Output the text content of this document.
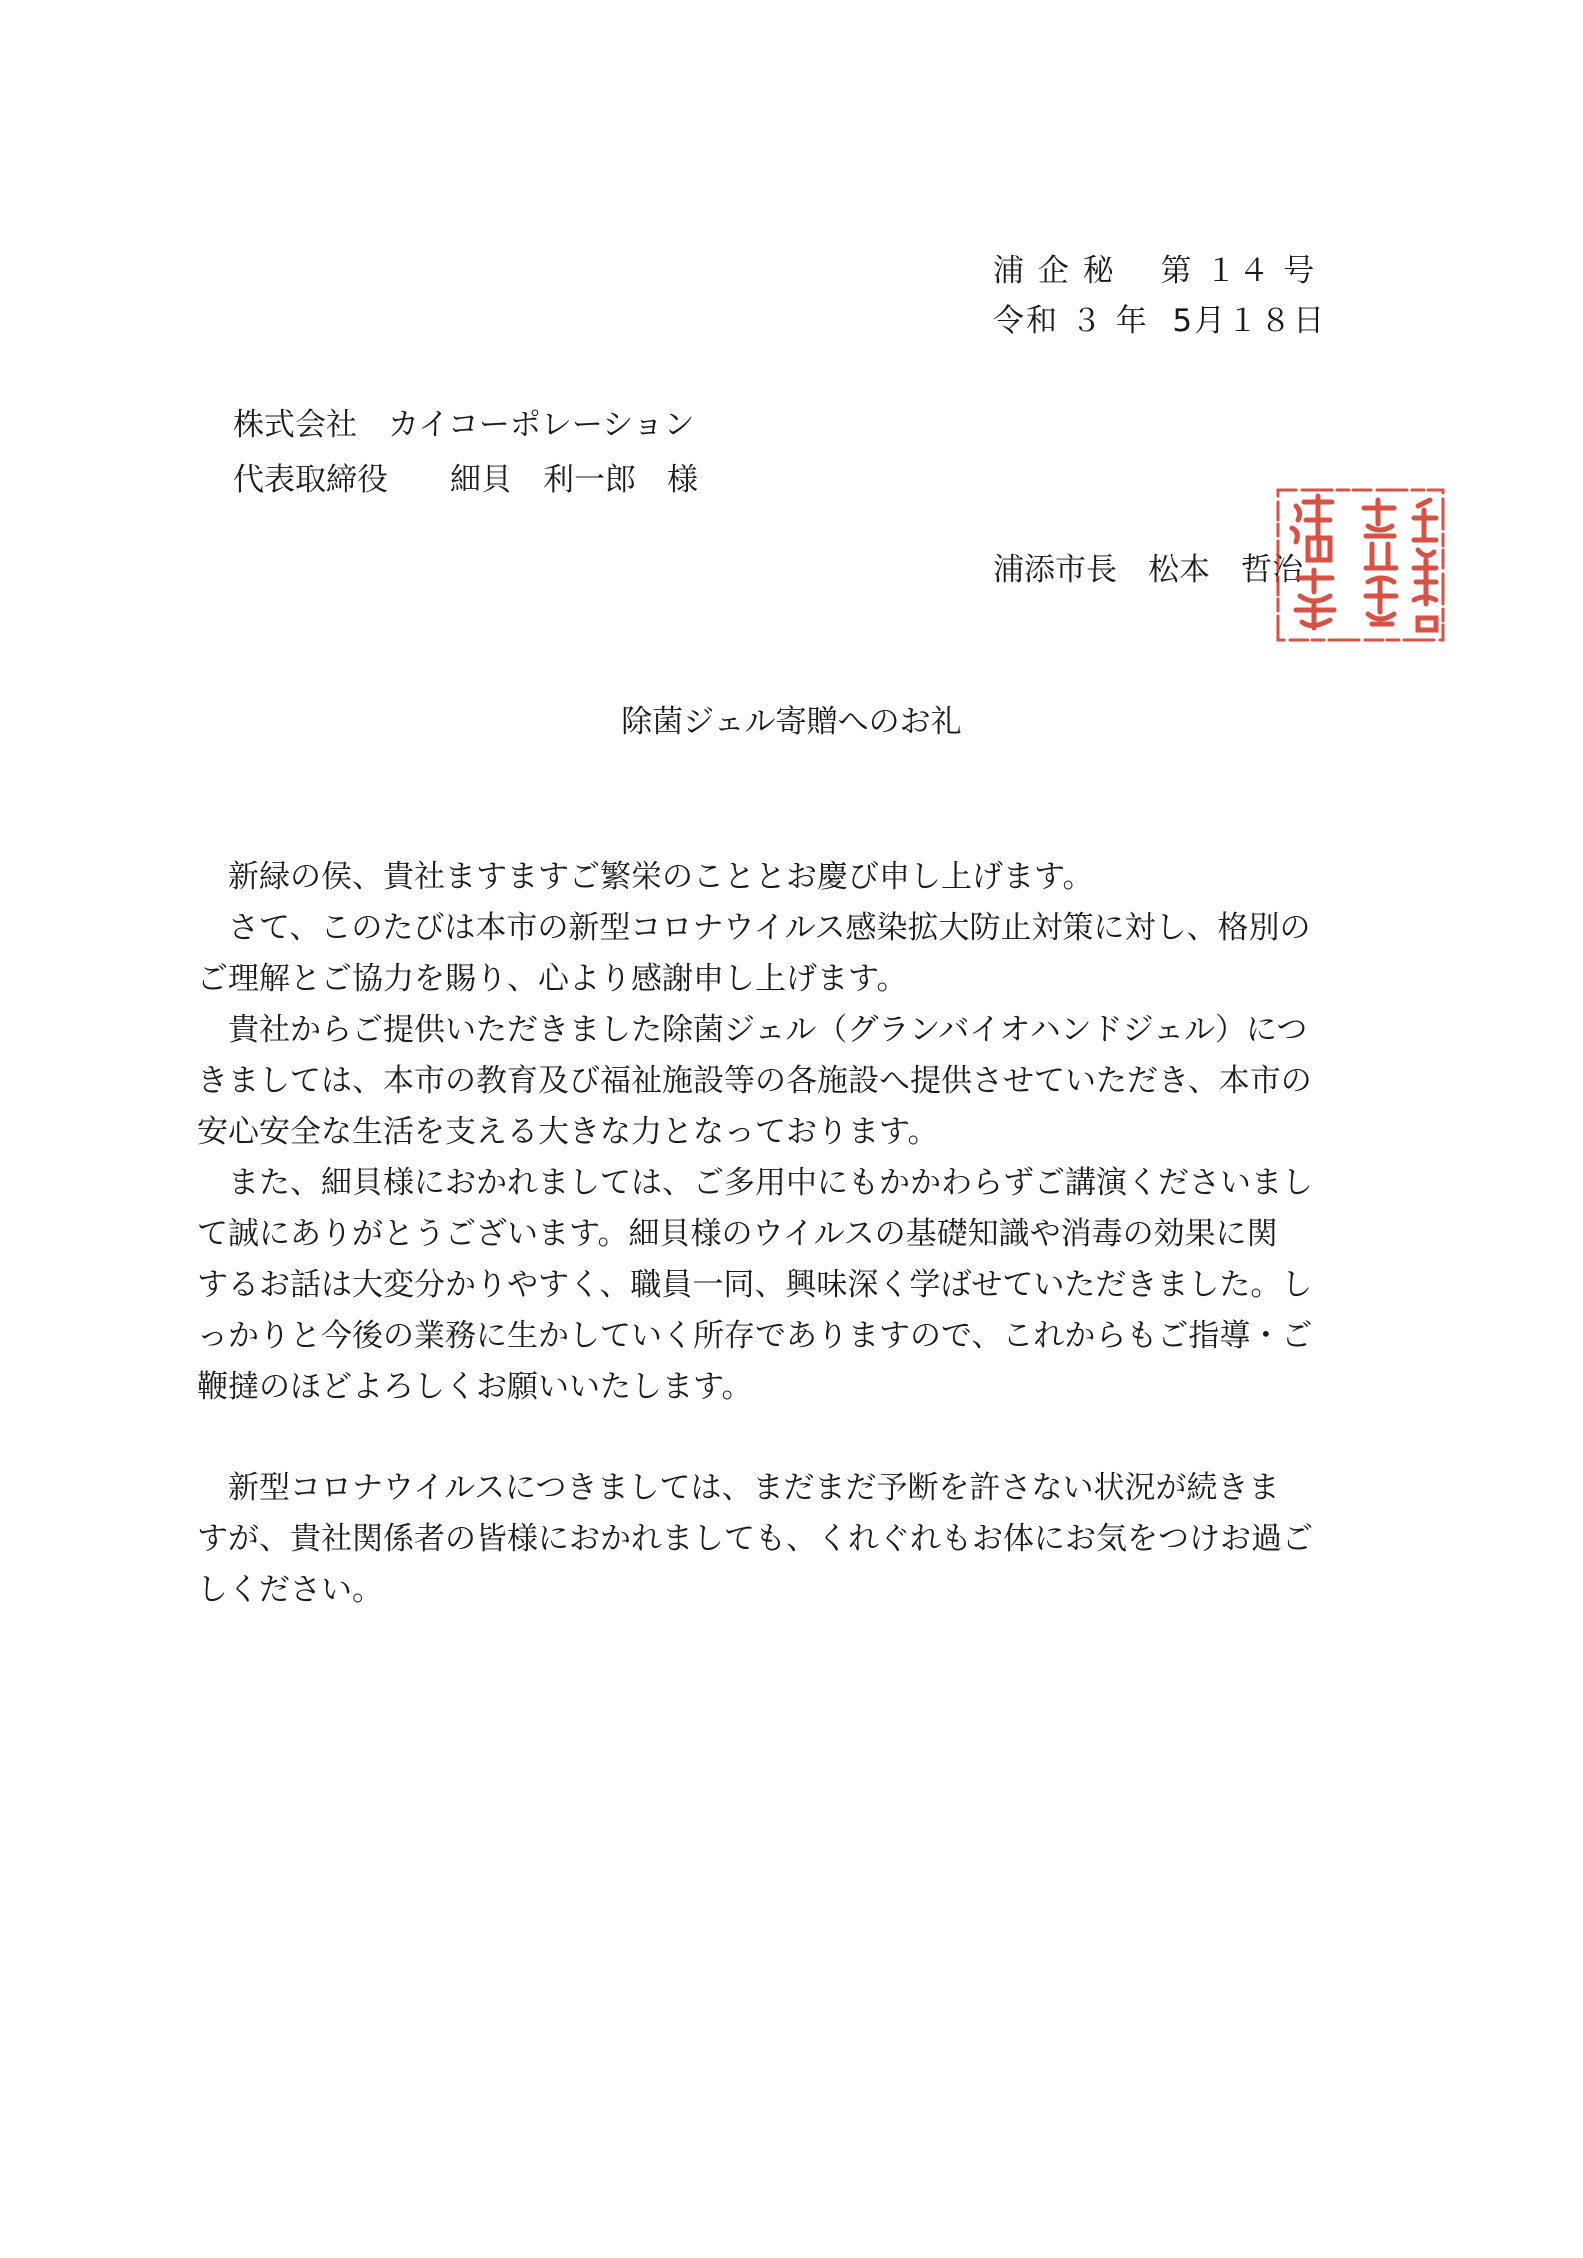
浦 企 秘　 第 １４ 号
令和 ３ 年  5月１８日
株式会社　カイコーポレーション
代表取締役　　細貝　利一郎　様
浦添市長　松本　哲治
除菌ジェル寄贈へのお礼

　新緑の侯、貴社ますますご繁栄のこととお慶び申し上げます。

　さて、このたびは本市の新型コロナウイルス感染拡大防止対策に対し、格別の

ご理解とご協力を賜り、心より感謝申し上げます。

　貴社からご提供いただきました除菌ジェル（グランバイオハンドジェル）につ

きましては、本市の教育及び福祉施設等の各施設へ提供させていただき、本市の

安心安全な生活を支える大きな力となっております。

　また、細貝様におかれましては、ご多用中にもかかわらずご講演くださいまし

て誠にありがとうございます。細貝様のウイルスの基礎知識や消毒の効果に関

するお話は大変分かりやすく、職員一同、興味深く学ばせていただきました。し

っかりと今後の業務に生かしていく所存でありますので、これからもご指導・ご

鞭撻のほどよろしくお願いいたします。

　新型コロナウイルスにつきましては、まだまだ予断を許さない状況が続きま

すが、貴社関係者の皆様におかれましても、くれぐれもお体にお気をつけお過ご

しください。
